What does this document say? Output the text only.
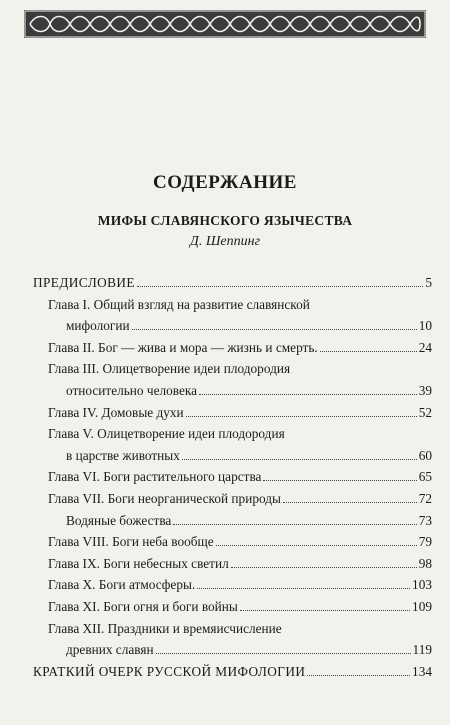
СОДЕРЖАНИЕ
МИФЫ СЛАВЯНСКОГО ЯЗЫЧЕСТВА
Д. Шеппинг
ПРЕДИСЛОВИЕ	5
Глава I. Общий взгляд на развитие славянской
мифологии	10
Глава II. Бог — жива и мора — жизнь и смерть.	24
Глава III. Олицетворение идеи плодородия
относительно человека	39
Глава IV. Домовые духи	52
Глава V. Олицетворение идеи плодородия
в царстве животных	60
Глава VI. Боги растительного царства	65
Глава VII. Боги неорганической природы	72
Водяные божества	73
Глава VIII. Боги неба вообще	79
Глава IX. Боги небесных светил	98
Глава X. Боги атмосферы.	103
Глава XI. Боги огня и боги войны	109
Глава XII. Праздники и времяисчисление
древних славян	119
КРАТКИЙ ОЧЕРК РУССКОЙ МИФОЛОГИИ	134
